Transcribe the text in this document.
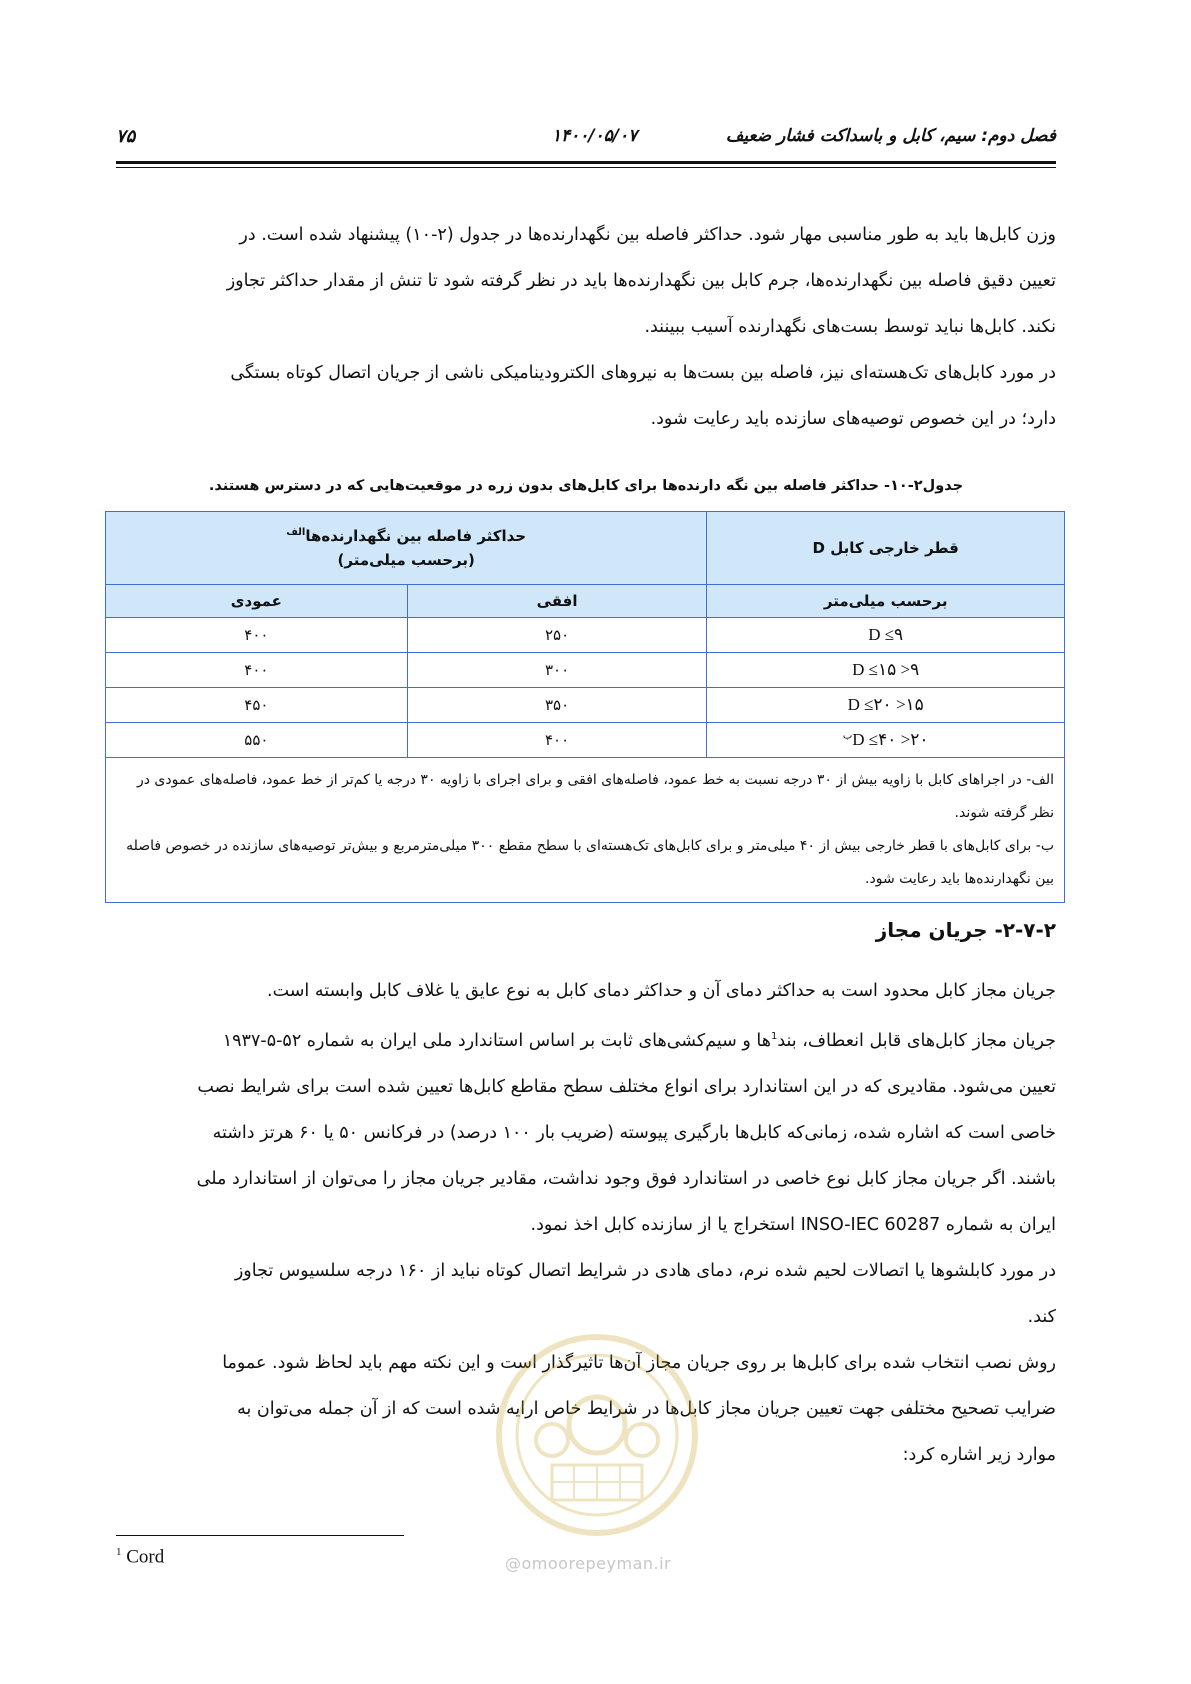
فصل دوم: سیم، کابل و باسداکت فشار ضعیف
۱۴۰۰/۰۵/۰۷
۷۵
وزن کابل‌ها باید به طور مناسبی مهار شود. حداکثر فاصله بین نگهدارنده‌ها در جدول (۲-۱۰) پیشنهاد شده است. در
تعیین دقیق فاصله بین نگهدارنده‌ها، جرم کابل بین نگهدارنده‌ها باید در نظر گرفته شود تا تنش از مقدار حداکثر تجاوز
نکند. کابل‌ها نباید توسط بست‌های نگهدارنده آسیب ببینند.
در مورد کابل‌های تک‌هسته‌ای نیز، فاصله بین بست‌ها به نیروهای الکترودینامیکی ناشی از جریان اتصال کوتاه بستگی
دارد؛ در این خصوص توصیه‌های سازنده باید رعایت شود.
جدول۲-۱۰- حداکثر فاصله بین نگه دارنده‌ها برای کابل‌های بدون زره در موقعیت‌هایی که در دسترس هستند.
قطر خارجی کابل D	حداکثر فاصله بین نگهدارنده‌ها$^{الف}$
(برحسب میلی‌متر)	

برحسب میلی‌متر	افقی	عمودی
D ≤۹	۲۵۰	۴۰۰
۹< D ≤۱۵	۳۰۰	۴۰۰
۱۵< D ≤۲۰	۳۵۰	۴۵۰
۲۰< $D \le ۴۰^ب$	۴۰۰	۵۵۰

الف- در اجراهای کابل با زاویه بیش از ۳۰ درجه نسبت به خط عمود، فاصله‌های افقی و برای اجرای با زاویه ۳۰ درجه یا کم‌تر از خط عمود، فاصله‌های عمودی در نظر گرفته شوند.
ب- برای کابل‌های با قطر خارجی بیش از ۴۰ میلی‌متر و برای کابل‌های تک‌هسته‌ای با سطح مقطع ۳۰۰ میلی‌مترمربع و بیش‌تر توصیه‌های سازنده در خصوص فاصله بین نگهدارنده‌ها باید رعایت شود.		
۲-۷-۲- جریان مجاز
جریان مجاز کابل محدود است به حداکثر دمای آن و حداکثر دمای کابل به نوع عایق یا غلاف کابل وابسته است.
جریان مجاز کابل‌های قابل انعطاف، بند$^1$ها و سیم‌کشی‌های ثابت بر اساس استاندارد ملی ایران به شماره ۵۲-۵-۱۹۳۷
تعیین می‌شود. مقادیری که در این استاندارد برای انواع مختلف سطح مقاطع کابل‌ها تعیین شده است برای شرایط نصب
خاصی است که اشاره شده، زمانی‌که کابل‌ها بارگیری پیوسته (ضریب بار ۱۰۰ درصد) در فرکانس ۵۰ یا ۶۰ هرتز داشته
باشند. اگر جریان مجاز کابل نوع خاصی در استاندارد فوق وجود نداشت، مقادیر جریان مجاز را می‌توان از استاندارد ملی
ایران به شماره INSO-IEC 60287 استخراج یا از سازنده کابل اخذ نمود.
در مورد کابلشوها یا اتصالات لحیم شده نرم، دمای هادی در شرایط اتصال کوتاه نباید از ۱۶۰ درجه سلسیوس تجاوز
کند.
روش نصب انتخاب شده برای کابل‌ها بر روی جریان مجاز آن‌ها تاثیرگذار است و این نکته مهم باید لحاظ شود. عموما
ضرایب تصحیح مختلفی جهت تعیین جریان مجاز کابل‌ها در شرایط خاص ارایه شده است که از آن جمله می‌توان به
موارد زیر اشاره کرد:
@omoorepeyman.ir
$^1$ Cord
